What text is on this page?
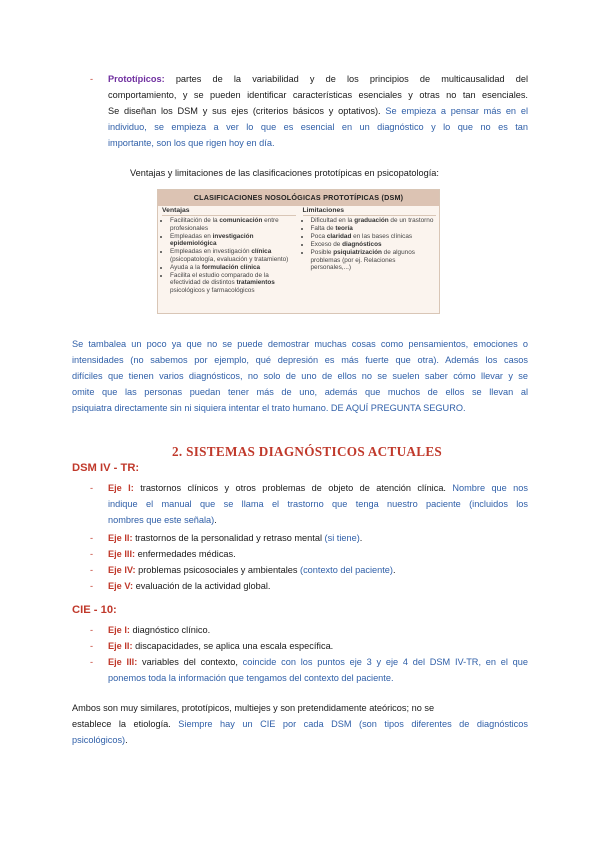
- Prototípicos: partes de la variabilidad y de los principios de multicausalidad del
comportamiento, y se pueden identificar características esenciales y otras no tan esenciales.
Se diseñan los DSM y sus ejes (criterios básicos y optativos). Se empieza a pensar más en el
individuo, se empieza a ver lo que es esencial en un diagnóstico y lo que no es tan
importante, son los que rigen hoy en día.
Ventajas y limitaciones de las clasificaciones prototípicas en psicopatología:
CLASIFICACIONES NOSOLÓGICAS PROTOTÍPICAS (DSM)
Ventajas
• Facilitación de la comunicación entre profesionales
• Empleadas en investigación epidemiológica
• Empleadas en investigación clínica (psicopatología, evaluación y tratamiento)
• Ayuda a la formulación clínica
• Facilita el estudio comparado de la efectividad de distintos tratamientos psicológicos y farmacológicos
Limitaciones
• Dificultad en la graduación de un trastorno
• Falta de teoría
• Poca claridad en las bases clínicas
• Exceso de diagnósticos
• Posible psiquiatrización de algunos problemas (por ej. Relaciones personales,...)
Se tambalea un poco ya que no se puede demostrar muchas cosas como pensamientos, emociones o
intensidades (no sabemos por ejemplo, qué depresión es más fuerte que otra). Además los casos
difíciles que tienen varios diagnósticos, no solo de uno de ellos no se suelen saber cómo llevar y se
omite que las personas puedan tener más de uno, además que muchos de ellos se llevan al
psiquiatra directamente sin ni siquiera intentar el trato humano. DE AQUÍ PREGUNTA SEGURO.
2. SISTEMAS DIAGNÓSTICOS ACTUALES
DSM IV - TR:
- Eje I: trastornos clínicos y otros problemas de objeto de atención clínica. Nombre que nos
indique el manual que se llama el trastorno que tenga nuestro paciente (incluidos los
nombres que este señala).
- Eje II: trastornos de la personalidad y retraso mental (si tiene).
- Eje III: enfermedades médicas.
- Eje IV: problemas psicosociales y ambientales (contexto del paciente).
- Eje V: evaluación de la actividad global.
CIE - 10:
- Eje I: diagnóstico clínico.
- Eje II: discapacidades, se aplica una escala específica.
- Eje III: variables del contexto, coincide con los puntos eje 3 y eje 4 del DSM IV-TR, en el que
ponemos toda la información que tengamos del contexto del paciente.
Ambos son muy similares, prototípicos, multiejes y son pretendidamente ateóricos; no se
establece la etiología. Siempre hay un CIE por cada DSM (son tipos diferentes de diagnósticos
psicológicos).
